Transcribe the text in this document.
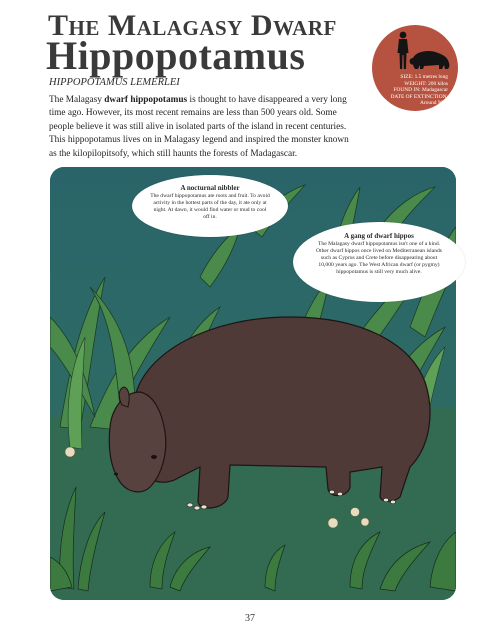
The Malagasy Dwarf
Hippopotamus
HIPPOPOTAMUS LEMERLEI

The Malagasy dwarf hippopotamus is thought to have disappeared a very long time ago. However, its most recent remains are less than 500 years old. Some people believe it was still alive in isolated parts of the island in recent centuries. This hippopotamus lives on in Malagasy legend and inspired the monster known as the kilopilopitsofy, which still haunts the forests of Madagascar.

SIZE: 1.5 metres long
WEIGHT: 200 kilos
FOUND IN: Madagascar
DATE OF EXTINCTION:
Around 900s
A nocturnal nibbler
The dwarf hippopotamus ate roots and fruit. To avoid activity in the hottest parts of the day, it ate only at night. At dawn, it would find water or mud to cool off in.
A gang of dwarf hippos
The Malagasy dwarf hippopotamus isn't one of a kind. Other dwarf hippos once lived on Mediterranean islands such as Cyprus and Crete before disappearing about 10,000 years ago. The West African dwarf (or pygmy) hippopotamus is still very much alive.
37
